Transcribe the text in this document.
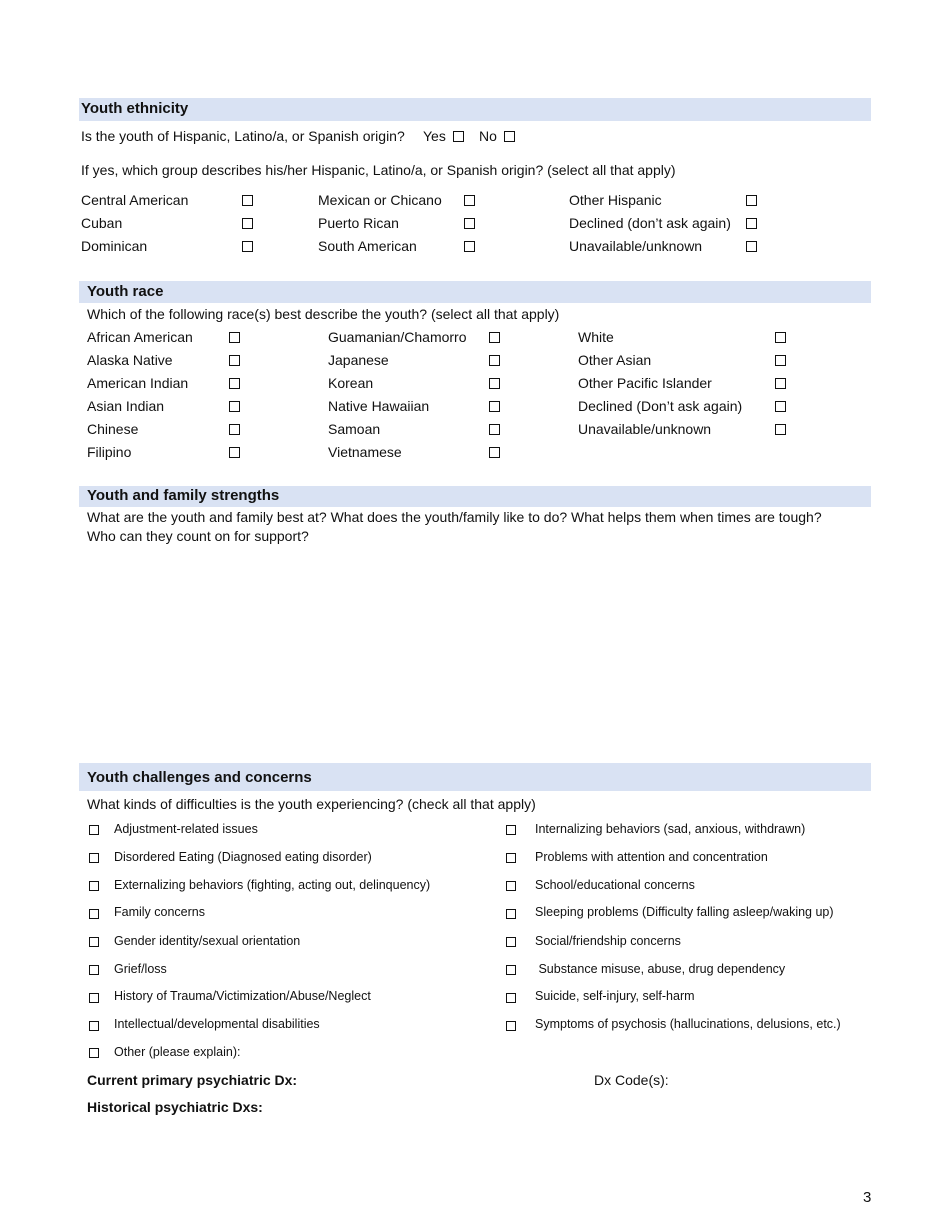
Youth ethnicity
Is the youth of Hispanic, Latino/a, or Spanish origin? Yes No
If yes, which group describes his/her Hispanic, Latino/a, or Spanish origin? (select all that apply)
Central American
Cuban
Dominican
Mexican or Chicano
Puerto Rican
South American
Other Hispanic
Declined (don’t ask again)
Unavailable/unknown
Youth race
Which of the following race(s) best describe the youth? (select all that apply)
African American
Alaska Native
American Indian
Asian Indian
Chinese
Filipino
Guamanian/Chamorro
Japanese
Korean
Native Hawaiian
Samoan
Vietnamese
White
Other Asian
Other Pacific Islander
Declined (Don’t ask again)
Unavailable/unknown
Youth and family strengths
What are the youth and family best at? What does the youth/family like to do? What helps them when times are tough?
Who can they count on for support?
Youth challenges and concerns
What kinds of difficulties is the youth experiencing? (check all that apply)
Adjustment-related issues
Disordered Eating (Diagnosed eating disorder)
Externalizing behaviors (fighting, acting out, delinquency)
Family concerns
Gender identity/sexual orientation
Grief/loss
History of Trauma/Victimization/Abuse/Neglect
Intellectual/developmental disabilities
Other (please explain):
Internalizing behaviors (sad, anxious, withdrawn)
Problems with attention and concentration
School/educational concerns
Sleeping problems (Difficulty falling asleep/waking up)
Social/friendship concerns
Substance misuse, abuse, drug dependency
Suicide, self-injury, self-harm
Symptoms of psychosis (hallucinations, delusions, etc.)
Current primary psychiatric Dx:	Dx Code(s):
Historical psychiatric Dxs:
3
